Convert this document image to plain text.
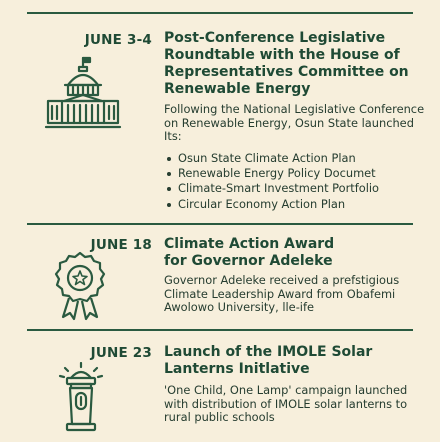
JUNE 3-4 Post-Conference Legislative Roundtable with the House of Representatives Committee on Renewable Energy
Following the National Legislative Conference on Renewable Energy, Osun State launched Its:
Osun State Climate Action Plan
Renewable Energy Policy Documet
Climate-Smart Investment Portfolio
Circular Economy Action Plan
JUNE 18 Climate Action Award for Governor Adeleke
Governor Adeleke received a prefstigious Climate Leadership Award from Obafemi Awolowo University, lle-ife
JUNE 23 Launch of the IMOLE Solar Lanterns Initlative
'One Child, One Lamp' campaign launched with distribution of IMOLE solar lanterns to rural public schools
